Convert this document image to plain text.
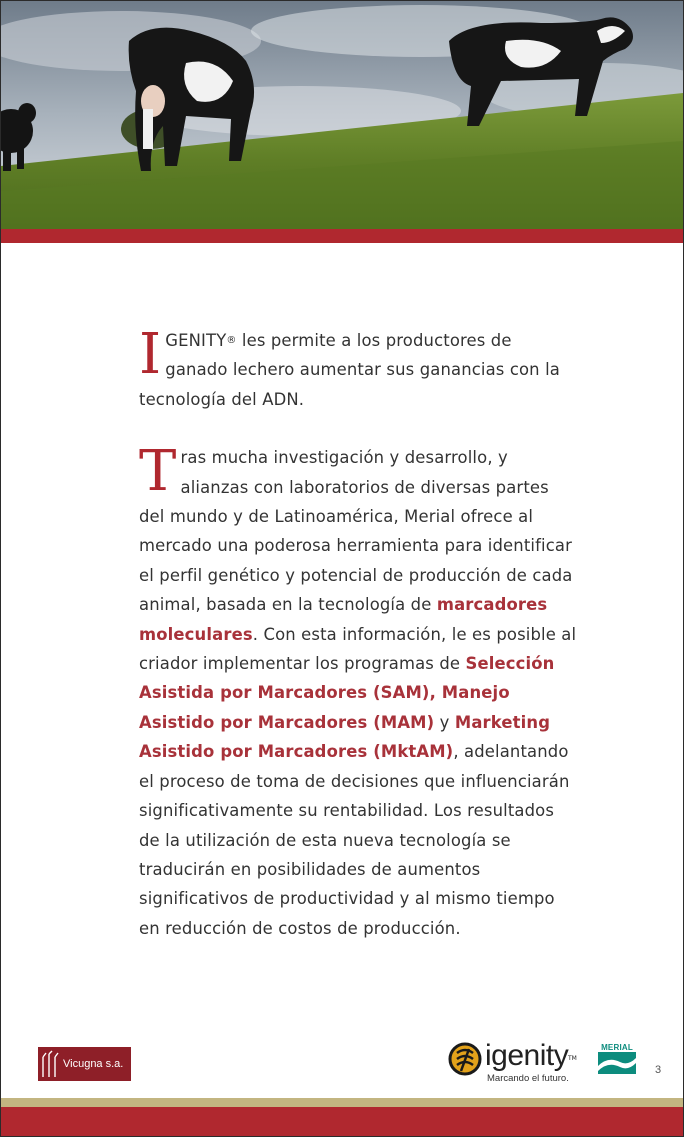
IGENITY® les permite a los productores de ganado lechero aumentar sus ganancias con la tecnología del ADN.

Tras mucha investigación y desarrollo, y alianzas con laboratorios de diversas partes del mundo y de Latinoamérica, Merial ofrece al mercado una poderosa herramienta para identificar el perfil genético y potencial de producción de cada animal, basada en la tecnología de marcadores moleculares. Con esta información, le es posible al criador implementar los programas de Selección Asistida por Marcadores (SAM), Manejo Asistido por Marcadores (MAM) y Marketing Asistido por Marcadores (MktAM), adelantando el proceso de toma de decisiones que influenciarán significativamente su rentabilidad. Los resultados de la utilización de esta nueva tecnología se traducirán en posibilidades de aumentos significativos de productividad y al mismo tiempo en reducción de costos de producción.

Vicugna s.a.	igenity TM
Marcando el futuro.
MERIAL
3
